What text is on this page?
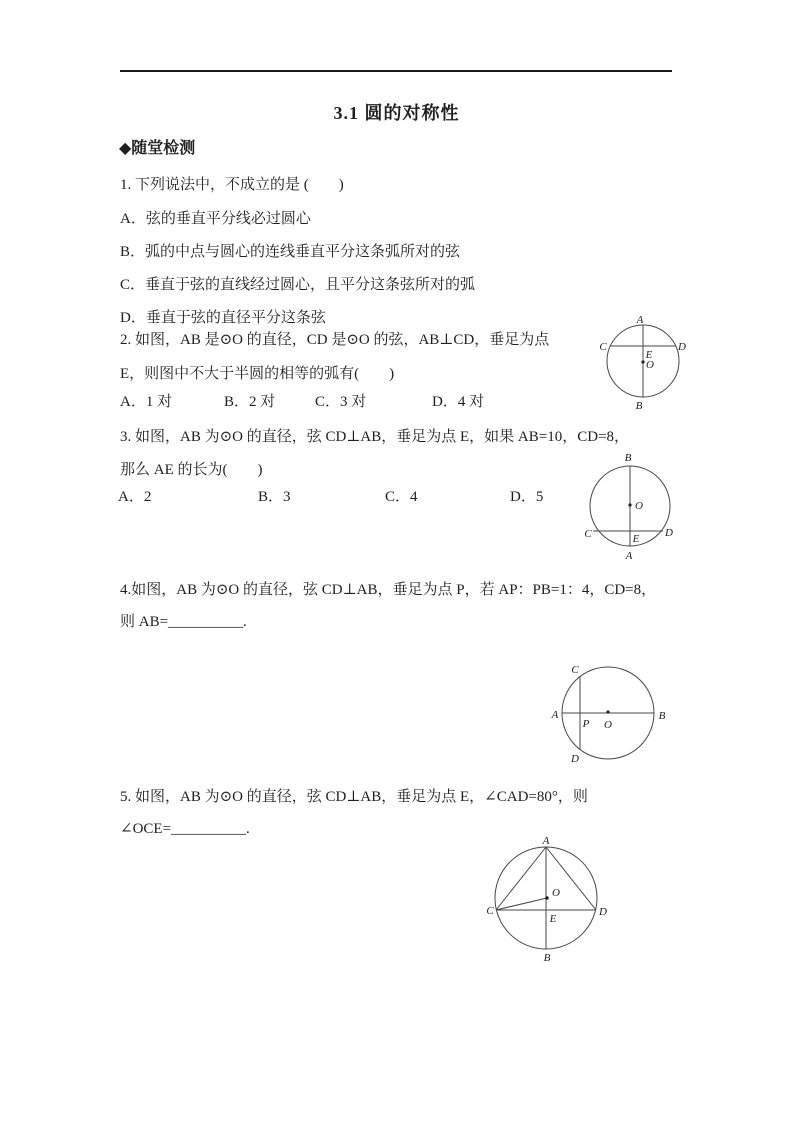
3.1 圆的对称性
◆随堂检测
1. 下列说法中，不成立的是 (　　)
A．弦的垂直平分线必过圆心
B．弧的中点与圆心的连线垂直平分这条弧所对的弦
C．垂直于弦的直线经过圆心，且平分这条弦所对的弧
D．垂直于弦的直径平分这条弦
2. 如图，AB 是⊙O 的直径，CD 是⊙O 的弦，AB⊥CD，垂足为点
E，则图中不大于半圆的相等的弧有(　　)
A．1 对	B．2 对	C．3 对	D．4 对
A
B
C	D
E
O
3. 如图，AB 为⊙O 的直径，弦 CD⊥AB，垂足为点 E，如果 AB=10，CD=8，
那么 AE 的长为(　　)
A．2	B．3	C．4	D．5
B
A
C	D
E
O
4.如图，AB 为⊙O 的直径，弦 CD⊥AB，垂足为点 P，若 AP：PB=1：4，CD=8，
则 AB=__________.
A	B
C
D
P O
5. 如图，AB 为⊙O 的直径，弦 CD⊥AB，垂足为点 E，∠CAD=80°，则
∠OCE=__________.
A
B
C	D
E
O
